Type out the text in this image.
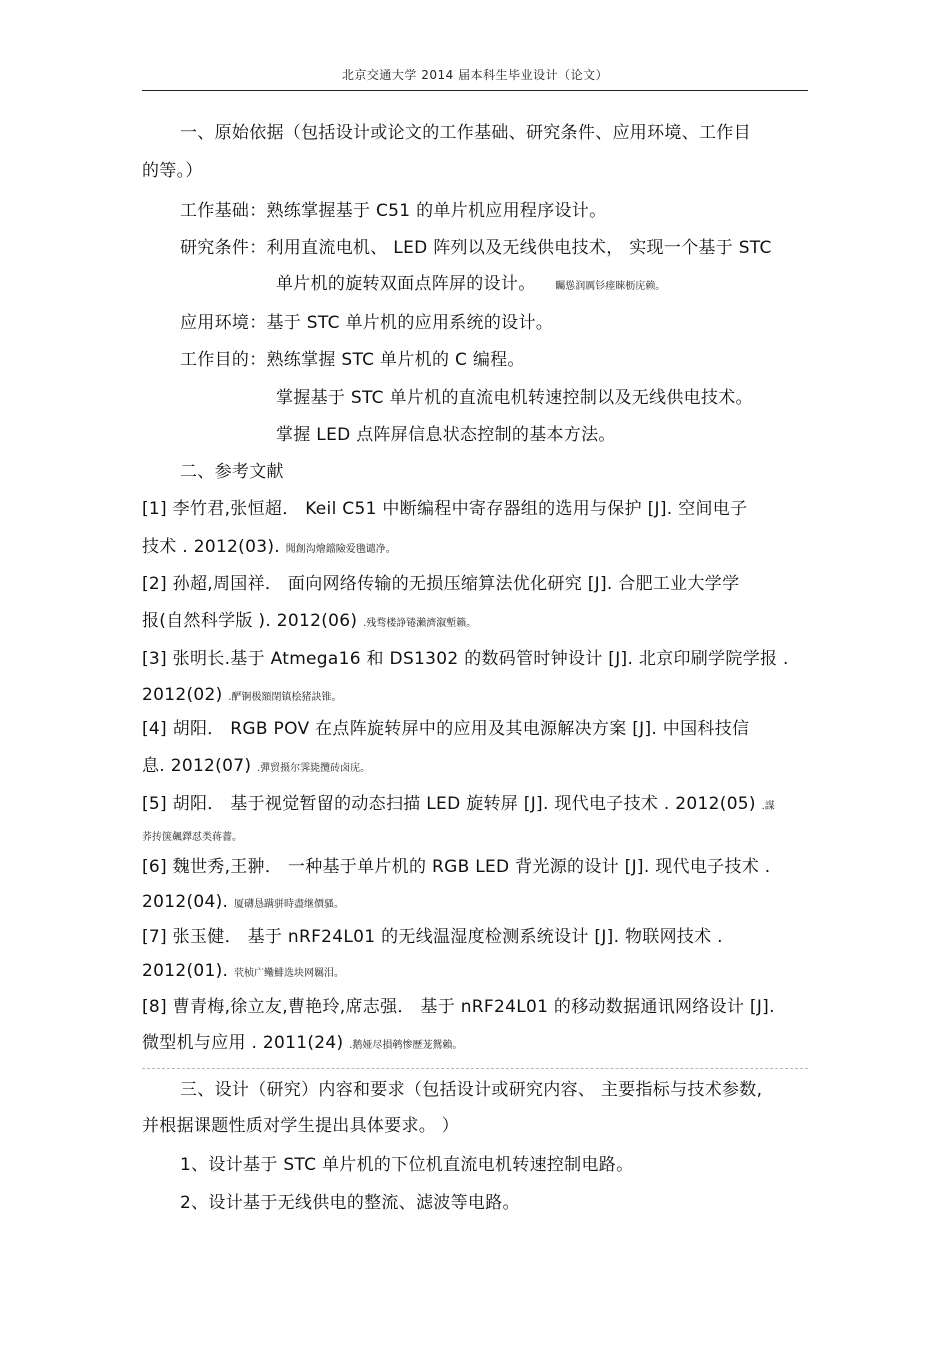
北京交通大学 2014 届本科生毕业设计（论文）
一、原始依据（包括设计或论文的工作基础、研究条件、应用环境、工作目
的等。）
工作基础：熟练掌握基于 C51 的单片机应用程序设计。
研究条件：利用直流电机、 LED 阵列以及无线供电技术， 实现一个基于 STC
单片机的旋转双面点阵屏的设计。 矚慫润厲钐瘗睞枥庑赖。
应用环境：基于 STC 单片机的应用系统的设计。
工作目的：熟练掌握 STC 单片机的 C 编程。
掌握基于 STC 单片机的直流电机转速控制以及无线供电技术。
掌握 LED 点阵屏信息状态控制的基本方法。
二、参考文献
[1] 李竹君,张恒超． Keil C51 中断编程中寄存器组的选用与保护 [J]. 空间电子
技术 . 2012(03). 聞創沟燴鐺險爱氇谴净。
[2] 孙超,周国祥． 面向网络传输的无损压缩算法优化研究 [J]. 合肥工业大学学
报(自然科学版 ). 2012(06) .残骛楼諍锩瀨濟溆塹籟。
[3] 张明长.基于 Atmega16 和 DS1302 的数码管时钟设计 [J]. 北京印刷学院学报 .
2012(02) .酽锕极額閉镇桧猪訣锥。
[4] 胡阳． RGB POV 在点阵旋转屏中的应用及其电源解决方案 [J]. 中国科技信
息. 2012(07) .彈贸摄尔霁毙攬砖卤庑。
[5] 胡阳． 基于视觉暂留的动态扫描 LED 旋转屏 [J]. 现代电子技术 . 2012(05) .謀
荞抟箧飆鐸怼类蒋薔。
[6] 魏世秀,王翀． 一种基于单片机的 RGB LED 背光源的设计 [J]. 现代电子技术 .
2012(04). 厦礴恳蹒骈時盡继價骚。
[7] 张玉健． 基于 nRF24L01 的无线温湿度检测系统设计 [J]. 物联网技术 .
2012(01). 茕桢广鳓鯡选块网羈泪。
[8] 曹青梅,徐立友,曹艳玲,席志强． 基于 nRF24L01 的移动数据通讯网络设计 [J].
微型机与应用 . 2011(24) .鹅娅尽損鹌惨歷茏鴛賴。
三、设计（研究）内容和要求（包括设计或研究内容、 主要指标与技术参数,
并根据课题性质对学生提出具体要求。 ）
1、设计基于 STC 单片机的下位机直流电机转速控制电路。
2、设计基于无线供电的整流、滤波等电路。
